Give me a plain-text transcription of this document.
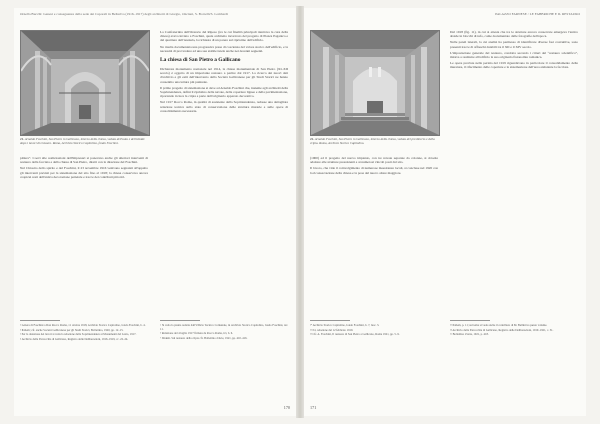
Ornella Bucchi: Genesi e conseguenze della sede dei Caporali in Bellariva (1916–1917) degli architetti di Giorgio, Onciani, S. Borrelli/S. Lombardi
21. Arnaldo Foschini, San Pietro in Gallicano, interno della chiesa, veduta dell'aula e dell'abside dopo i lavori di restauro. Roma, Archivio Storico Capitolino, fondo Foschini.

pittura”. Coevi alle realizzazioni dell'Impresari si ponevano anche gli ulteriori interventi di restauro della facciata e della chiesa di San Pietro, diretti con la direzione del Foschini.

Nel Chiostro dello spirito e del Foschini, il 23 novembre 1916 venivano segnalati all'appalto gli interventi previsti per la sistemazione del sito fino al 1918; la chiesa conservava ancora cospicui resti dell'antica decorazione parietale e tracce dei contributi pittorici.

¹ Lettera di Foschini a Don Rocco Roma, 11 ottobre 1918, Archivio Storico Capitolino, fondo Foschini, b. 4.

² Ibidem; cfr. anche Società Gallicanese per gli Studi Storici, Bollettino, 1920, pp. 12–15.

³ Per la datazione dei lavori si veda la relazione della Soprintendenza ai Monumenti del Lazio, 1917.

⁴ Archivio della Parrocchia di Gallicano, Registro delle Deliberazioni, 1916–1919, cc. 22–24.

La Confraternita dell'Oratorio del Riposo (tra le cui finalità principali rientrava la cura della chiesa) aveva inviato a Foschini, quale architetto incaricato del progetto di Piazza Paganica e del quartiere dell'Arenula, la richiesta di un parere sul ripristino dell'edificio.

Ne risulta documentata una progressiva presa di coscienza del valore storico dell'edificio, e la necessità di provvedere ad una sua stabile tutela anche nei decenni seguenti.

La chiesa di San Pietro a Gallicano

Dichiarata monumento nazionale nel 1914, la chiesa monumentale di San Pietro (XI–XII secolo) è oggetto di un importante restauro a partire dal 1917. La ricerca dei nuovi dati d'archivio e gli esiti dell'intervento della Società Gallicanese per gli Studi Storici ne hanno consentito una lettura più puntuale.

Il primo progetto di sistemazione si deve ad Arnaldo Foschini che, insieme agli architetti della Soprintendenza, definì il ripristino delle navate, delle coperture lignee e della pavimentazione, riportando in luce la cripta e parte dell'originario apparato decorativo.

Nel 1917 Rocco Roma, in qualità di assistente della Soprintendenza, redasse una dettagliata relazione tecnica sullo stato di conservazione delle strutture murarie e sulle opere di consolidamento necessarie.

⁵ Si veda la pianta redatta dall'Ufficio Tecnico Comunale, in Archivio Storico Capitolino, fondo Foschini, tav. 11.

⁶ Relazione del 4 luglio 1917 firmata da Rocco Roma, ivi, b. 6.

⁷ Ibidem. Sul restauro della cripta cfr. Bollettino d'Arte, 1921, pp. 410–416.

170
PALAZZO FARNESE / LE FABBRICHE E IL RESTAURO
22. Arnaldo Foschini, San Pietro in Gallicano, interno della chiesa, veduta del presbiterio e della cripta. Roma, Archivio Storico Capitolino.

(1900) ed il progetto del nuovo impianto, con tre navate separate da colonne, si dovette adattare alle strutture preesistenti e ai numerosi vincoli posti dal sito.

Il lavoro, che vide il coinvolgimento di numerose maestranze locali, si concluse nel 1920 con la riconsacrazione della chiesa e la posa del nuovo altare maggiore.

¹⁰ Archivio Storico Capitolino, fondo Foschini, b. 7, fasc. 3.

¹¹ Ivi, relazione del 12 febbraio 1919.

¹² Cfr. A. Foschini, Il restauro di San Pietro a Gallicano, Roma 1921, pp. 5–9.

Dal 1918 (fig. 11), in cui si attesta che tra le strutture ancora conservate emergeva l'antico abside in blocchi di tufo, come documentato dalle fotografie dell'epoca.

Nelle pareti laterali, la cui analisi ha permesso di identificare diverse fasi costruttive, sono presenti tracce di affreschi databili tra il XII e il XIV secolo.

L'impostazione generale del restauro, condotta secondo i criteri del “restauro scientifico”, mirava a restituire all'edificio la sua originaria fisionomia romanica.

Le opere previste nella perizia del 1919 riguardavano in particolare il consolidamento delle murature, il rifacimento delle coperture e la sistemazione dell'area antistante la facciata.

¹³ Ibidem, p. 11; sul tema si veda anche il contributo di M. Bellini in questo volume.

¹⁴ Archivio della Parrocchia di Gallicano, Registro delle Deliberazioni, 1919–1921, c. 31.

¹⁵ Bollettino d'Arte, 1921, p. 418.

171
